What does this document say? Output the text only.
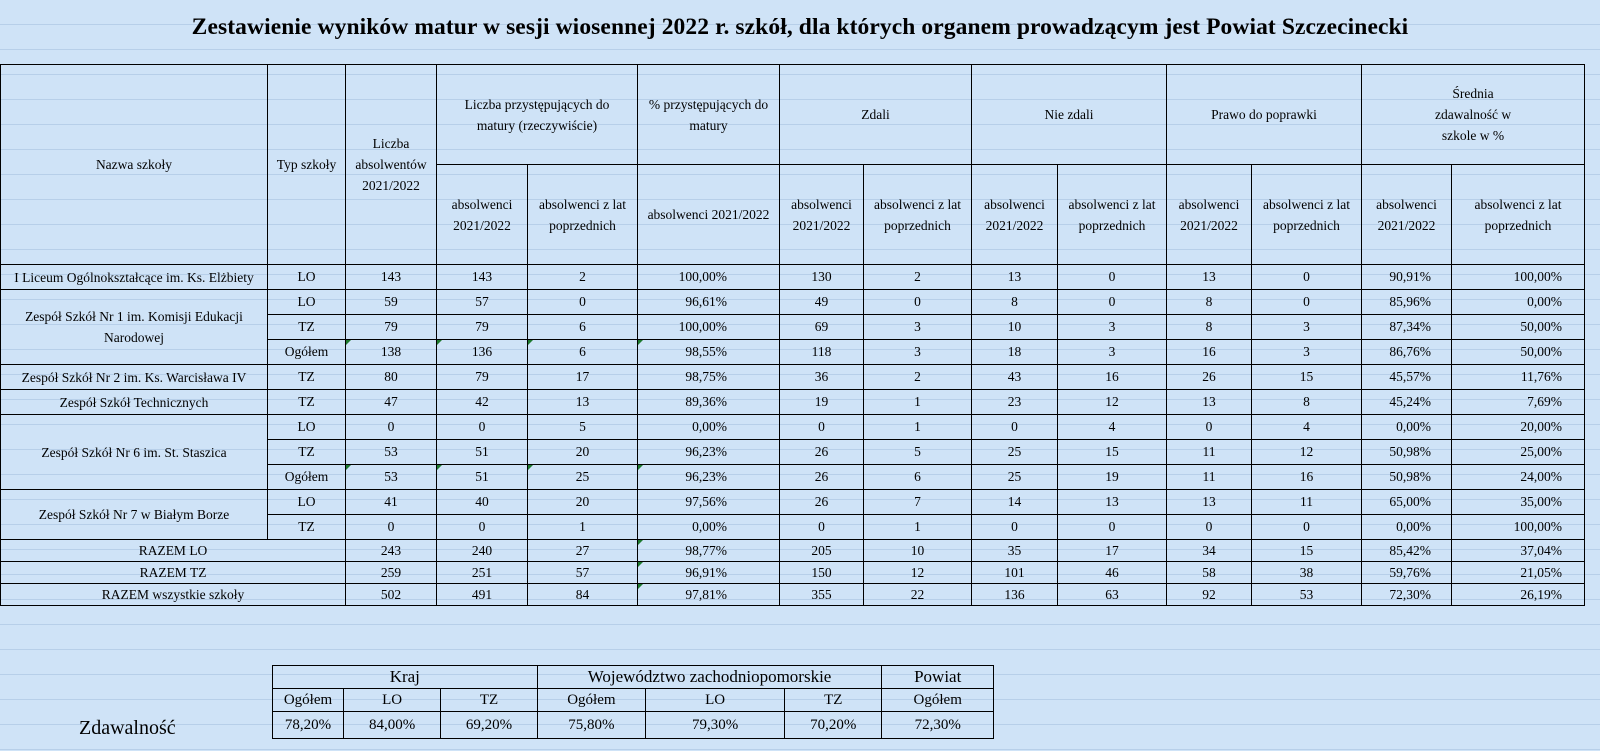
Zestawienie wyników matur w sesji wiosennej 2022 r. szkół, dla których organem prowadzącym jest Powiat Szczecinecki
Nazwa szkoły	Typ szkoły	Liczba absolwentów 2021/2022	Liczba przystępujących do matury (rzeczywiście)		% przystępujących do matury	Zdali		Nie zdali		Prawo do poprawki		Średnia zdawalność w szkole w %	
			absolwenci 2021/2022	absolwenci z lat poprzednich	absolwenci 2021/2022	absolwenci 2021/2022	absolwenci z lat poprzednich	absolwenci 2021/2022	absolwenci z lat poprzednich	absolwenci 2021/2022	absolwenci z lat poprzednich	absolwenci 2021/2022	absolwenci z lat poprzednich
I Liceum Ogólnokształcące im. Ks. Elżbiety	LO	143	143	2	100,00%	130	2	13	0	13	0	90,91%	100,00%
Zespół Szkół Nr 1 im. Komisji Edukacji Narodowej	LO	59	57	0	96,61%	49	0	8	0	8	0	85,96%	0,00%
	TZ	79	79	6	100,00%	69	3	10	3	8	3	87,34%	50,00%
	Ogółem	138	136	6	98,55%	118	3	18	3	16	3	86,76%	50,00%
Zespół Szkół Nr 2 im. Ks. Warcisława IV	TZ	80	79	17	98,75%	36	2	43	16	26	15	45,57%	11,76%
Zespół Szkół Technicznych	TZ	47	42	13	89,36%	19	1	23	12	13	8	45,24%	7,69%
Zespół Szkół Nr 6 im. St. Staszica	LO	0	0	5	0,00%	0	1	0	4	0	4	0,00%	20,00%
	TZ	53	51	20	96,23%	26	5	25	15	11	12	50,98%	25,00%
	Ogółem	53	51	25	96,23%	26	6	25	19	11	16	50,98%	24,00%
Zespół Szkół Nr 7 w Białym Borze	LO	41	40	20	97,56%	26	7	14	13	13	11	65,00%	35,00%
	TZ	0	0	1	0,00%	0	1	0	0	0	0	0,00%	100,00%
RAZEM LO		243	240	27	98,77%	205	10	35	17	34	15	85,42%	37,04%
RAZEM TZ		259	251	57	96,91%	150	12	101	46	58	38	59,76%	21,05%
RAZEM wszystkie szkoły		502	491	84	97,81%	355	22	136	63	92	53	72,30%	26,19%
Kraj			Województwo zachodniopomorskie			Powiat
Ogółem	LO	TZ	Ogółem	LO	TZ	Ogółem
78,20%	84,00%	69,20%	75,80%	79,30%	70,20%	72,30%
Zdawalność
